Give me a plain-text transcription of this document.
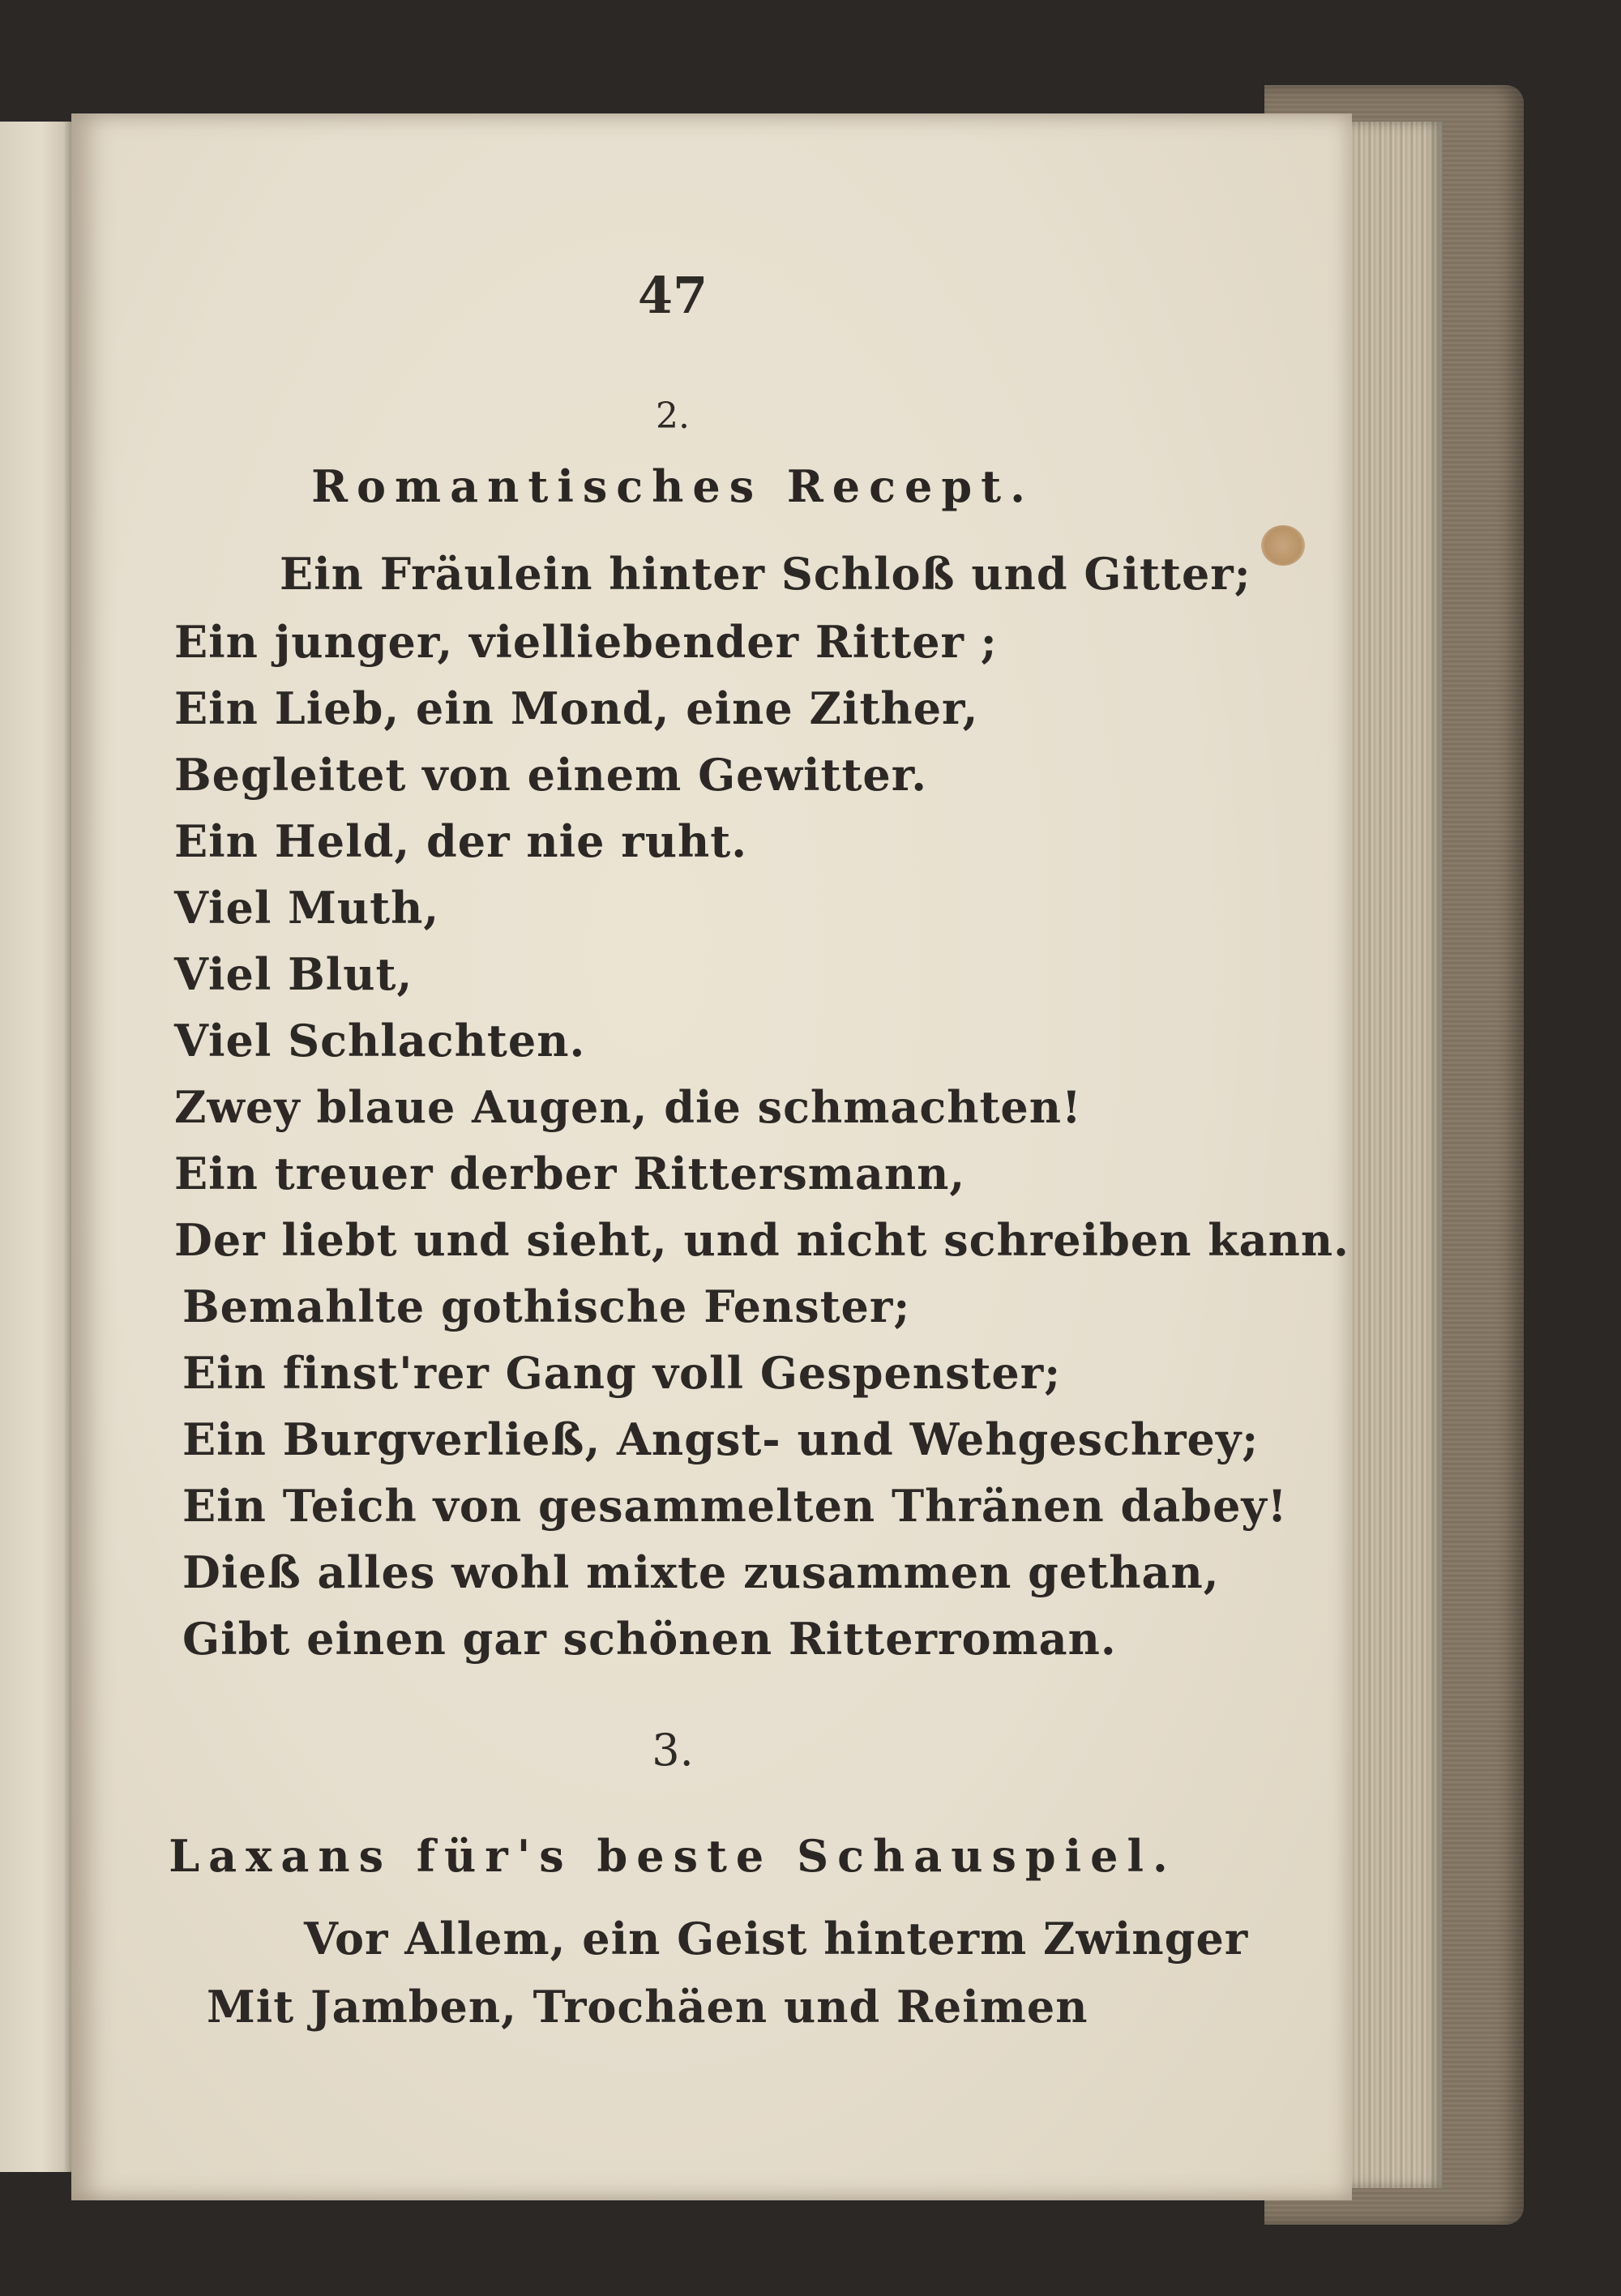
47
2.
Romantisches Recept.
Ein Fräulein hinter Schloß und Gitter;
Ein junger, vielliebender Ritter ;
Ein Lieb, ein Mond, eine Zither,
Begleitet von einem Gewitter.
Ein Held, der nie ruht.
Viel Muth,
Viel Blut,
Viel Schlachten.
Zwey blaue Augen, die schmachten!
Ein treuer derber Rittersmann,
Der liebt und sieht, und nicht schreiben kann.
Bemahlte gothische Fenster;
Ein finst'rer Gang voll Gespenster;
Ein Burgverließ, Angst- und Wehgeschrey;
Ein Teich von gesammelten Thränen dabey!
Dieß alles wohl mixte zusammen gethan,
Gibt einen gar schönen Ritterroman.
3.
Laxans für's beste Schauspiel.
Vor Allem, ein Geist hinterm Zwinger
Mit Jamben, Trochäen und Reimen
